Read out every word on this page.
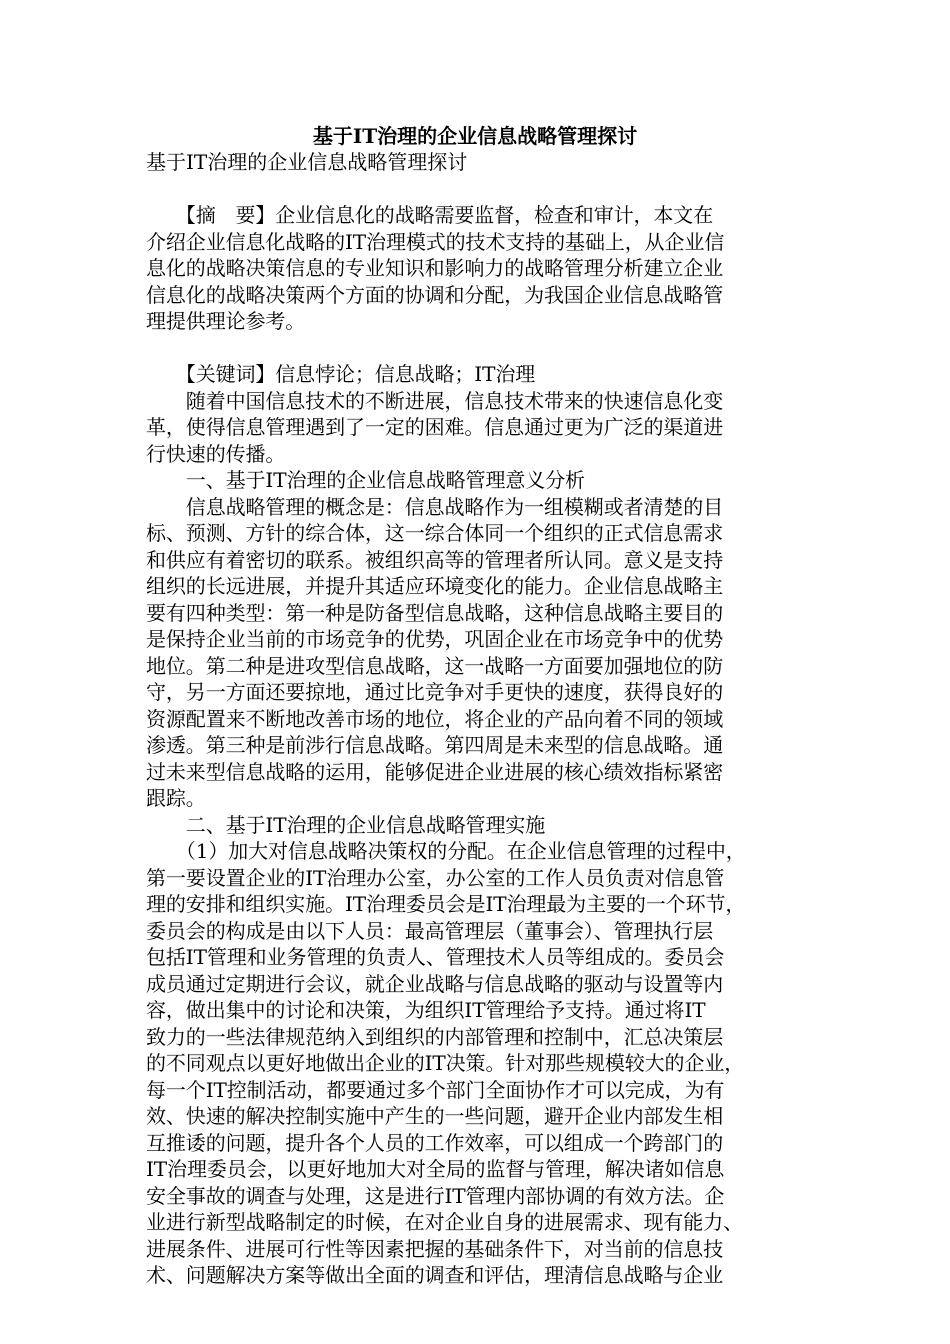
基于IT治理的企业信息战略管理探讨

基于IT治理的企业信息战略管理探讨

　　【摘　要】企业信息化的战略需要监督，检查和审计，本文在
介绍企业信息化战略的IT治理模式的技术支持的基础上，从企业信
息化的战略决策信息的专业知识和影响力的战略管理分析建立企业
信息化的战略决策两个方面的协调和分配，为我国企业信息战略管
理提供理论参考。
　　【关键词】信息悖论；信息战略；IT治理
　　随着中国信息技术的不断进展，信息技术带来的快速信息化变
革，使得信息管理遇到了一定的困难。信息通过更为广泛的渠道进
行快速的传播。
　　一、基于IT治理的企业信息战略管理意义分析
　　信息战略管理的概念是：信息战略作为一组模糊或者清楚的目
标、预测、方针的综合体，这一综合体同一个组织的正式信息需求
和供应有着密切的联系。被组织高等的管理者所认同。意义是支持
组织的长远进展，并提升其适应环境变化的能力。企业信息战略主
要有四种类型：第一种是防备型信息战略，这种信息战略主要目的
是保持企业当前的市场竞争的优势，巩固企业在市场竞争中的优势
地位。第二种是进攻型信息战略，这一战略一方面要加强地位的防
守，另一方面还要掠地，通过比竞争对手更快的速度，获得良好的
资源配置来不断地改善市场的地位，将企业的产品向着不同的领域
渗透。第三种是前涉行信息战略。第四周是未来型的信息战略。通
过未来型信息战略的运用，能够促进企业进展的核心绩效指标紧密
跟踪。
　　二、基于IT治理的企业信息战略管理实施
　　（1）加大对信息战略决策权的分配。在企业信息管理的过程中，
第一要设置企业的IT治理办公室，办公室的工作人员负责对信息管
理的安排和组织实施。IT治理委员会是IT治理最为主要的一个环节，
委员会的构成是由以下人员：最高管理层（董事会）、管理执行层
包括IT管理和业务管理的负责人、管理技术人员等组成的。委员会
成员通过定期进行会议，就企业战略与信息战略的驱动与设置等内
容，做出集中的讨论和决策，为组织IT管理给予支持。通过将IT
致力的一些法律规范纳入到组织的内部管理和控制中，汇总决策层
的不同观点以更好地做出企业的IT决策。针对那些规模较大的企业，
每一个IT控制活动，都要通过多个部门全面协作才可以完成，为有
效、快速的解决控制实施中产生的一些问题，避开企业内部发生相
互推诿的问题，提升各个人员的工作效率，可以组成一个跨部门的
IT治理委员会，以更好地加大对全局的监督与管理，解决诸如信息
安全事故的调查与处理，这是进行IT管理内部协调的有效方法。企
业进行新型战略制定的时候，在对企业自身的进展需求、现有能力、
进展条件、进展可行性等因素把握的基础条件下，对当前的信息技
术、问题解决方案等做出全面的调查和评估，理清信息战略与企业
